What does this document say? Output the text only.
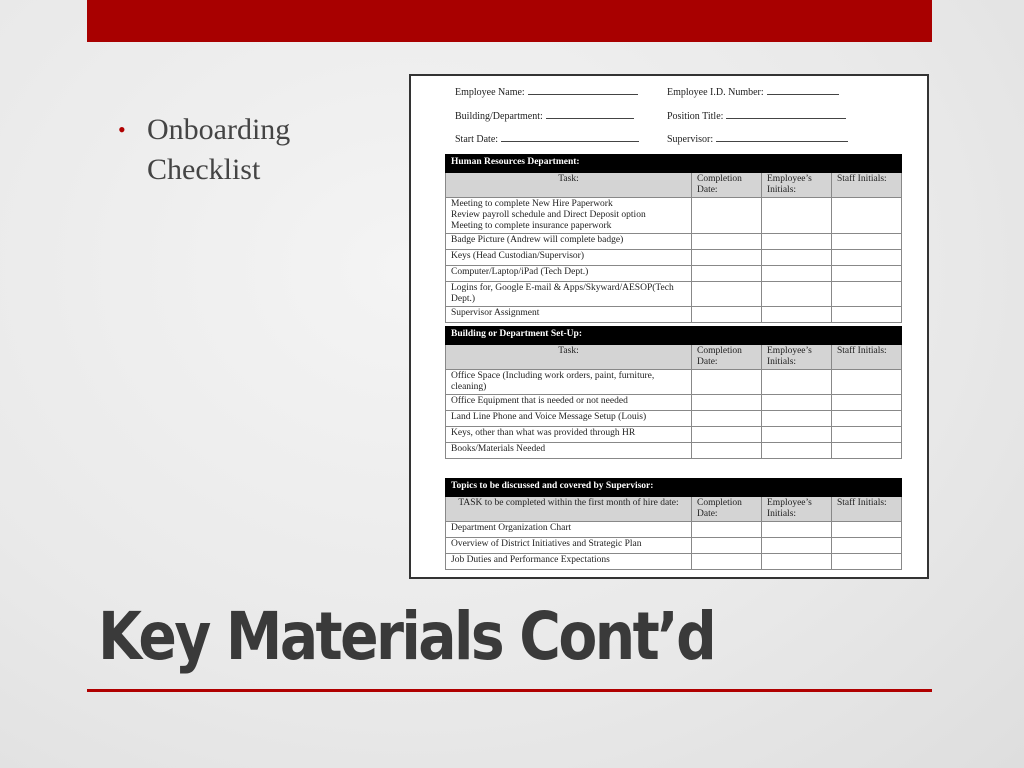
• Onboarding Checklist
Employee Name:	Employee I.D. Number:
Building/Department:	Position Title:
Start Date:	Supervisor:
Human Resources Department:			
Task:	Completion Date:	Employee’s Initials:	Staff Initials:
Meeting to complete New Hire Paperwork
Review payroll schedule and Direct Deposit option
Meeting to complete insurance paperwork			
Badge Picture (Andrew will complete badge)			
Keys (Head Custodian/Supervisor)			
Computer/Laptop/iPad (Tech Dept.)			
Logins for, Google E-mail & Apps/Skyward/AESOP(Tech Dept.)			
Supervisor Assignment			
Building or Department Set-Up:			
Task:	Completion Date:	Employee’s Initials:	Staff Initials:
Office Space (Including work orders, paint, furniture, cleaning)			
Office Equipment that is needed or not needed			
Land Line Phone and Voice Message Setup (Louis)			
Keys, other than what was provided through HR			
Books/Materials Needed			
Topics to be discussed and covered by Supervisor:			
TASK to be completed within the first month of hire date:	Completion Date:	Employee’s Initials:	Staff Initials:
Department Organization Chart			
Overview of District Initiatives and Strategic Plan			
Job Duties and Performance Expectations			
Key Materials Cont’d
